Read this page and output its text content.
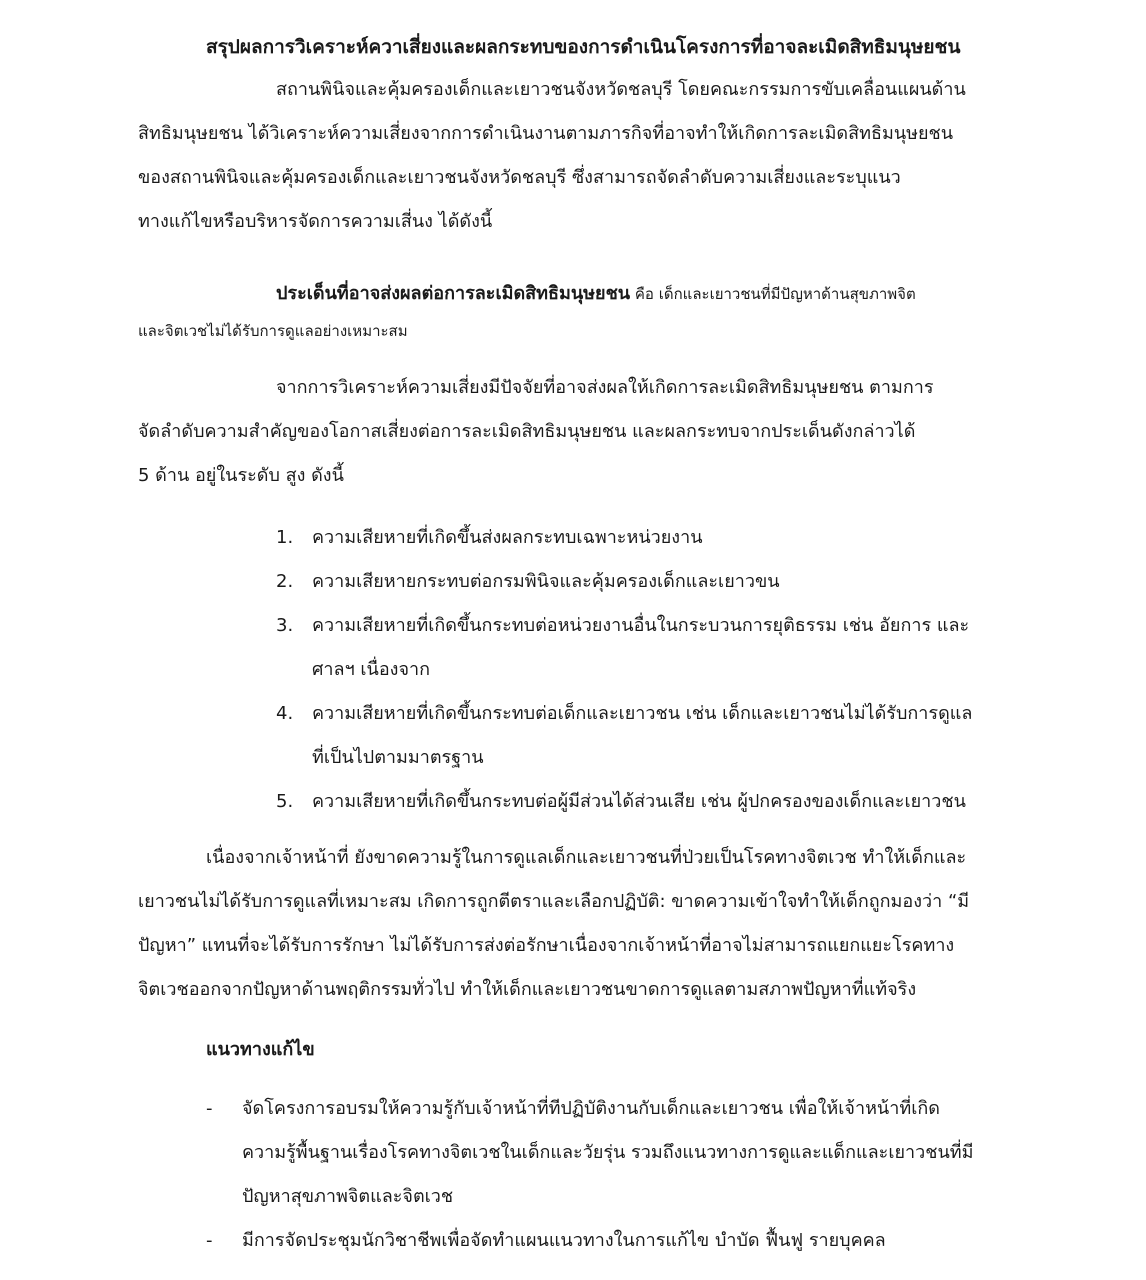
สรุปผลการวิเคราะห์ควาเสี่ยงและผลกระทบของการดำเนินโครงการที่อาจละเมิดสิทธิมนุษยชน

สถานพินิจและคุ้มครองเด็กและเยาวชนจังหวัดชลบุรี โดยคณะกรรมการขับเคลื่อนแผนด้าน
สิทธิมนุษยชน ได้วิเคราะห์ความเสี่ยงจากการดำเนินงานตามภารกิจที่อาจทำให้เกิดการละเมิดสิทธิมนุษยชน
ของสถานพินิจและคุ้มครองเด็กและเยาวชนจังหวัดชลบุรี ซึ่งสามารถจัดลำดับความเสี่ยงและระบุแนว
ทางแก้ไขหรือบริหารจัดการความเสี่นง ได้ดังนี้

ประเด็นที่อาจส่งผลต่อการละเมิดสิทธิมนุษยชน คือ เด็กและเยาวชนที่มีปัญหาด้านสุขภาพจิต
และจิตเวชไม่ได้รับการดูแลอย่างเหมาะสม

จากการวิเคราะห์ความเสี่ยงมีปัจจัยที่อาจส่งผลให้เกิดการละเมิดสิทธิมนุษยชน ตามการ
จัดลำดับความสำคัญของโอกาสเสี่ยงต่อการละเมิดสิทธิมนุษยชน และผลกระทบจากประเด็นดังกล่าวได้
5 ด้าน อยู่ในระดับ สูง ดังนี้

1. ความเสียหายที่เกิดขึ้นส่งผลกระทบเฉพาะหน่วยงาน
2. ความเสียหายกระทบต่อกรมพินิจและคุ้มครองเด็กและเยาวขน
3. ความเสียหายที่เกิดขึ้นกระทบต่อหน่วยงานอื่นในกระบวนการยุติธรรม เช่น อัยการ และ
ศาลฯ เนื่องจาก
4. ความเสียหายที่เกิดขึ้นกระทบต่อเด็กและเยาวชน เช่น เด็กและเยาวชนไม่ได้รับการดูแล
ที่เป็นไปตามมาตรฐาน
5. ความเสียหายที่เกิดขึ้นกระทบต่อผู้มีส่วนได้ส่วนเสีย เช่น ผู้ปกครองของเด็กและเยาวชน

เนื่องจากเจ้าหน้าที่ ยังขาดความรู้ในการดูแลเด็กและเยาวชนที่ป่วยเป็นโรคทางจิตเวช ทำให้เด็กและ
เยาวชนไม่ได้รับการดูแลที่เหมาะสม เกิดการถูกตีตราและเลือกปฏิบัติ: ขาดความเข้าใจทำให้เด็กถูกมองว่า “มี
ปัญหา” แทนที่จะได้รับการรักษา ไม่ได้รับการส่งต่อรักษาเนื่องจากเจ้าหน้าที่อาจไม่สามารถแยกแยะโรคทาง
จิตเวชออกจากปัญหาด้านพฤติกรรมทั่วไป ทำให้เด็กและเยาวชนขาดการดูแลตามสภาพปัญหาที่แท้จริง

แนวทางแก้ไข
- จัดโครงการอบรมให้ความรู้กับเจ้าหน้าที่ทีปฏิบัติงานกับเด็กและเยาวชน เพื่อให้เจ้าหน้าที่เกิด
ความรู้พื้นฐานเรื่องโรคทางจิตเวชในเด็กและวัยรุ่น รวมถึงแนวทางการดูและแด็กและเยาวชนที่มี
ปัญหาสุขภาพจิตและจิตเวช
- มีการจัดประชุมนักวิชาชีพเพื่อจัดทำแผนแนวทางในการแก้ไข บำบัด ฟื้นฟู รายบุคคล
